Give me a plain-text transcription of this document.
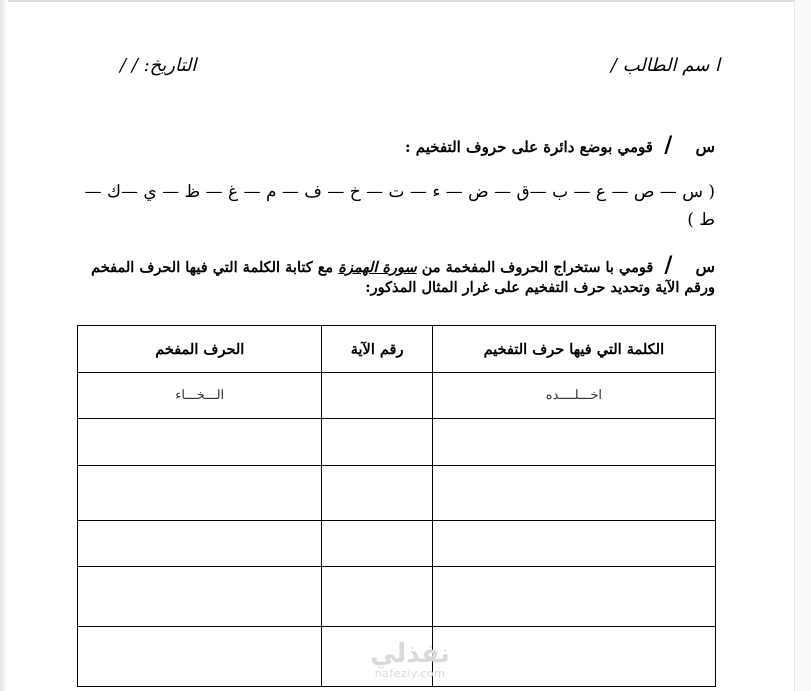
ا سم الطالب /
التاريخ: / /
س / قومي بوضع دائرة على حروف التفخيم :
( س — ص — ع — ب —ق — ض — ء — ت — خ — ف — م — غ — ظ — ي —ك — ط )
س / قومي با ستخراج الحروف المفخمة من سورة الهمزة مع كتابة الكلمة التي فيها الحرف المفخم ورقم الآية وتحديد حرف التفخيم على غرار المثال المذكور:
الكلمة التي فيها حرف التفخيم	رقم الآية	الحرف المفخم
اخـــلــــده		الـــخـــاء

نفذلي
nafezly.com
